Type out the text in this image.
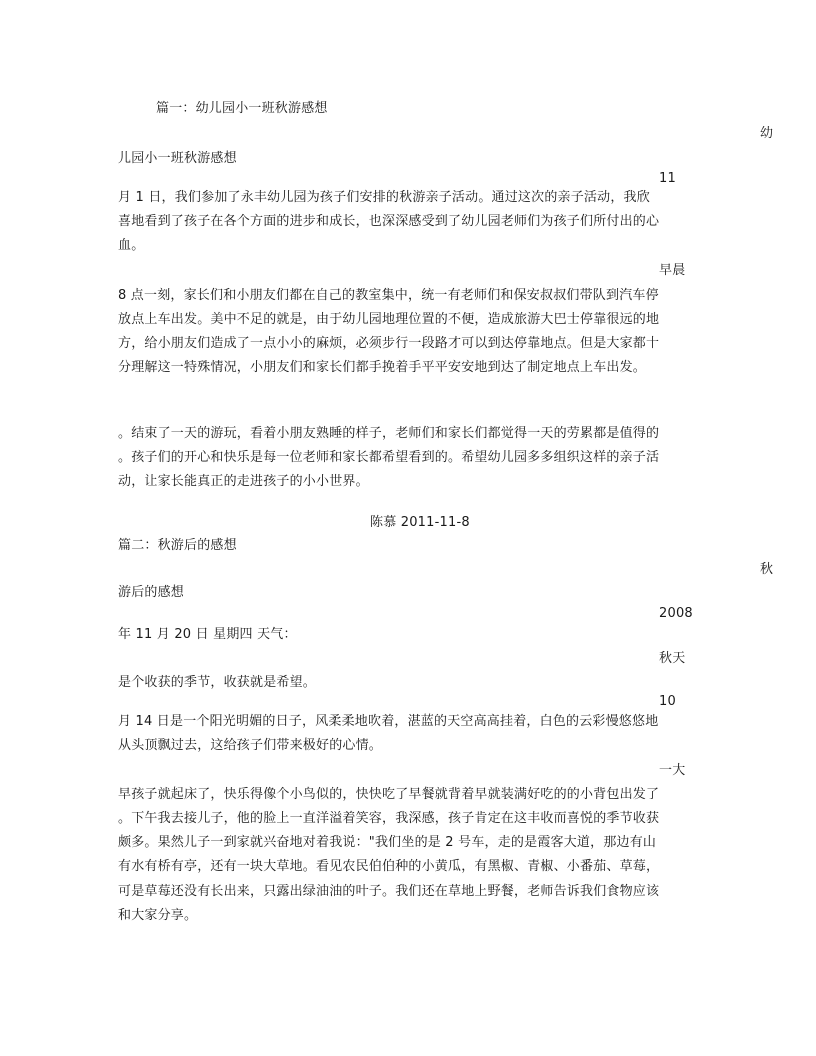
篇一：幼儿园小一班秋游感想
幼
儿园小一班秋游感想
11
月 1 日，我们参加了永丰幼儿园为孩子们安排的秋游亲子活动。通过这次的亲子活动，我欣
喜地看到了孩子在各个方面的进步和成长，也深深感受到了幼儿园老师们为孩子们所付出的心
血。
早晨
8 点一刻，家长们和小朋友们都在自己的教室集中，统一有老师们和保安叔叔们带队到汽车停
放点上车出发。美中不足的就是，由于幼儿园地理位置的不便，造成旅游大巴士停靠很远的地
方，给小朋友们造成了一点小小的麻烦，必须步行一段路才可以到达停靠地点。但是大家都十
分理解这一特殊情况，小朋友们和家长们都手挽着手平平安安地到达了制定地点上车出发。
。结束了一天的游玩，看着小朋友熟睡的样子，老师们和家长们都觉得一天的劳累都是值得的
。孩子们的开心和快乐是每一位老师和家长都希望看到的。希望幼儿园多多组织这样的亲子活
动，让家长能真正的走进孩子的小小世界。
陈慕 2011-11-8
篇二：秋游后的感想
秋
游后的感想
2008
年 11 月 20 日 星期四 天气：
秋天
是个收获的季节，收获就是希望。
10
月 14 日是一个阳光明媚的日子，风柔柔地吹着，湛蓝的天空高高挂着，白色的云彩慢悠悠地
从头顶飘过去，这给孩子们带来极好的心情。
一大
早孩子就起床了，快乐得像个小鸟似的，快快吃了早餐就背着早就装满好吃的的小背包出发了
。下午我去接儿子，他的脸上一直洋溢着笑容，我深感，孩子肯定在这丰收而喜悦的季节收获
颇多。果然儿子一到家就兴奋地对着我说："我们坐的是 2 号车，走的是霞客大道，那边有山
有水有桥有亭，还有一块大草地。看见农民伯伯种的小黄瓜，有黑椒、青椒、小番茄、草莓，
可是草莓还没有长出来，只露出绿油油的叶子。我们还在草地上野餐，老师告诉我们食物应该
和大家分享。
